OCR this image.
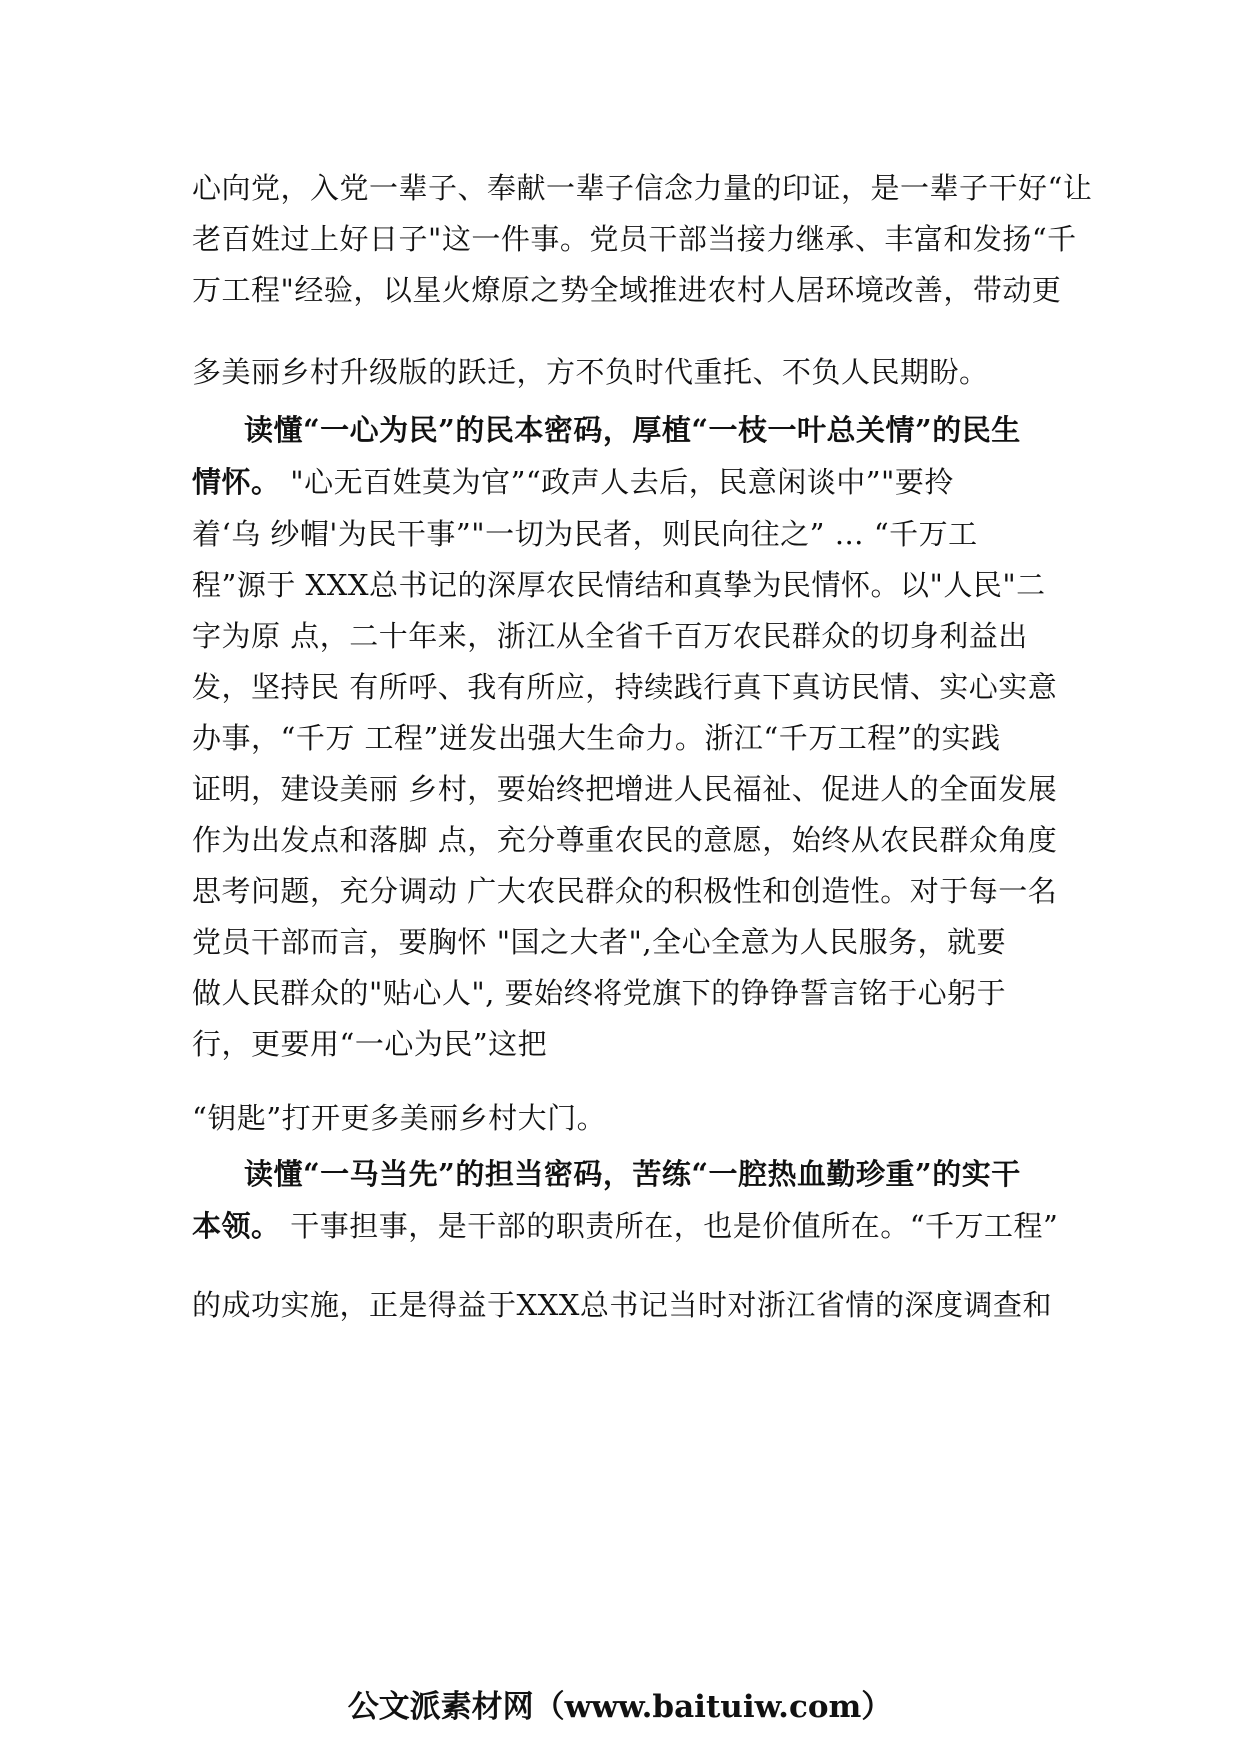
心向党，入党一辈子、奉献一辈子信念力量的印证，是一辈子干好“让
老百姓过上好日子"这一件事。党员干部当接力继承、丰富和发扬“千
万工程"经验，以星火燎原之势全域推进农村人居环境改善，带动更
多美丽乡村升级版的跃迁，方不负时代重托、不负人民期盼。
读懂“一心为民”的民本密码，厚植“一枝一叶总关情”的民生
情怀。 "心无百姓莫为官”“政声人去后，民意闲谈中”"要拎
着‘乌 纱帽'为民干事”"一切为民者，则民向往之” … “千万工
程”源于 XXX总书记的深厚农民情结和真挚为民情怀。以"人民"二
字为原 点，二十年来，浙江从全省千百万农民群众的切身利益出
发，坚持民 有所呼、我有所应，持续践行真下真访民情、实心实意
办事，“千万 工程”迸发出强大生命力。浙江“千万工程”的实践
证明，建设美丽 乡村，要始终把增进人民福祉、促进人的全面发展
作为出发点和落脚 点，充分尊重农民的意愿，始终从农民群众角度
思考问题，充分调动 广大农民群众的积极性和创造性。对于每一名
党员干部而言，要胸怀 "国之大者",全心全意为人民服务，就要
做人民群众的"贴心人", 要始终将党旗下的铮铮誓言铭于心躬于
行，更要用“一心为民”这把
“钥匙”打开更多美丽乡村大门。
读懂“一马当先”的担当密码，苦练“一腔热血勤珍重”的实干
本领。 干事担事，是干部的职责所在，也是价值所在。“千万工程”
的成功实施，正是得益于XXX总书记当时对浙江省情的深度调查和
公文派素材网（www.baituiw.com）
